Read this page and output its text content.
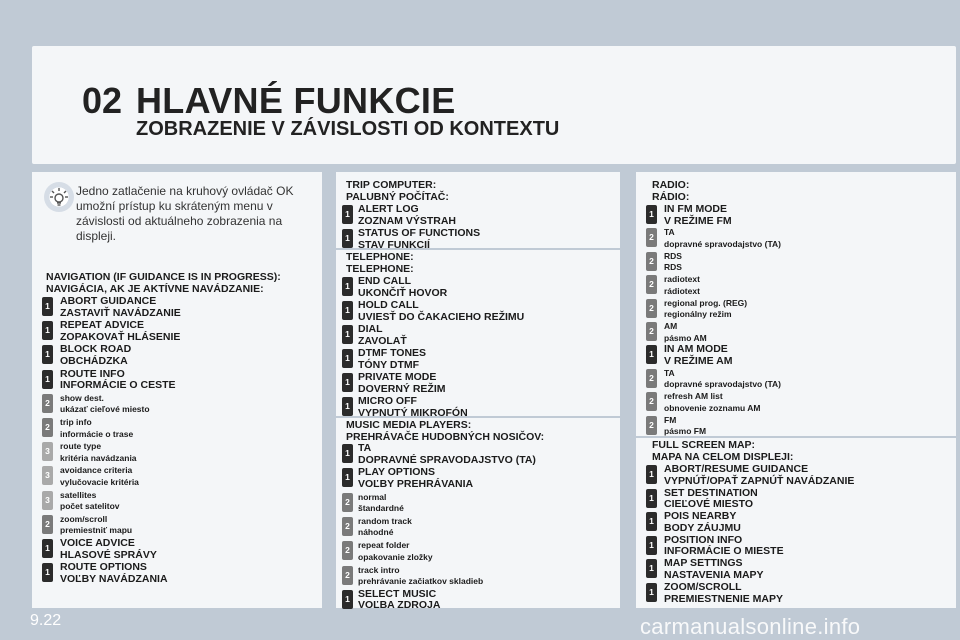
02 HLAVNÉ FUNKCIE
ZOBRAZENIE V ZÁVISLOSTI OD KONTEXTU
Jedno zatlačenie na kruhový ovládač OK umožní prístup ku skráteným menu v závislosti od aktuálneho zobrazenia na displeji.
NAVIGATION (IF GUIDANCE IS IN PROGRESS):
NAVIGÁCIA, AK JE AKTÍVNE NAVÁDZANIE:
1 ABORT GUIDANCE
ZASTAVIŤ NAVÁDZANIE
1 REPEAT ADVICE
ZOPAKOVAŤ HLÁSENIE
1 BLOCK ROAD
OBCHÁDZKA
1 ROUTE INFO
INFORMÁCIE O CESTE
2	show dest.
ukázať cieľové miesto
2	trip info
informácie o trase
3	route type
kritéria navádzania
3	avoidance criteria
vylučovacie kritéria
3	satellites
počet satelitov
2	zoom/scroll
premiestniť mapu
1 VOICE ADVICE
HLASOVÉ SPRÁVY
1 ROUTE OPTIONS
VOĽBY NAVÁDZANIA
TRIP COMPUTER:
PALUBNÝ POČÍTAČ:
TELEPHONE:
TELEPHONE:
MUSIC MEDIA PLAYERS:
PREHRÁVAČE HUDOBNÝCH NOSIČOV:
1 ALERT LOG
ZOZNAM VÝSTRAH
1 STATUS OF FUNCTIONS
STAV FUNKCIÍ
1 END CALL
UKONČIŤ HOVOR
1 HOLD CALL
UVIESŤ DO ČAKACIEHO REŽIMU
1 DIAL
ZAVOLAŤ
1 DTMF TONES
TÓNY DTMF
1 PRIVATE MODE
DOVERNÝ REŽIM
1 MICRO OFF
VYPNUTÝ MIKROFÓN
1 TA
DOPRAVNÉ SPRAVODAJSTVO (TA)
1 PLAY OPTIONS
VOĽBY PREHRÁVANIA
2 normal
štandardné
2 random track
náhodné
2 repeat folder
opakovanie zložky
2 track intro
prehrávanie začiatkov skladieb
1 SELECT MUSIC
VOĽBA ZDROJA
RADIO:
RÁDIO:
FULL SCREEN MAP:
MAPA NA CELOM DISPLEJI:
1 IN FM MODE
V REŽIME FM
2	TA
dopravné spravodajstvo (TA)
2	RDS
RDS
2	radiotext
rádiotext
2	regional prog. (REG)
regionálny režim
2	AM
pásmo AM
1 IN AM MODE
V REŽIME AM
2	TA
dopravné spravodajstvo (TA)
2	refresh AM list
obnovenie zoznamu AM
2	FM
pásmo FM
1 ABORT/RESUME GUIDANCE
VYPNÚŤ/OPAŤ ZAPNÚŤ NAVÁDZANIE
1 SET DESTINATION
CIEĽOVÉ MIESTO
1 POIS NEARBY
BODY ZÁUJMU
1 POSITION INFO
INFORMÁCIE O MIESTE
1 MAP SETTINGS
NASTAVENIA MAPY
1 ZOOM/SCROLL
PREMIESTNENIE MAPY
9.22	carmanualsonline.info
